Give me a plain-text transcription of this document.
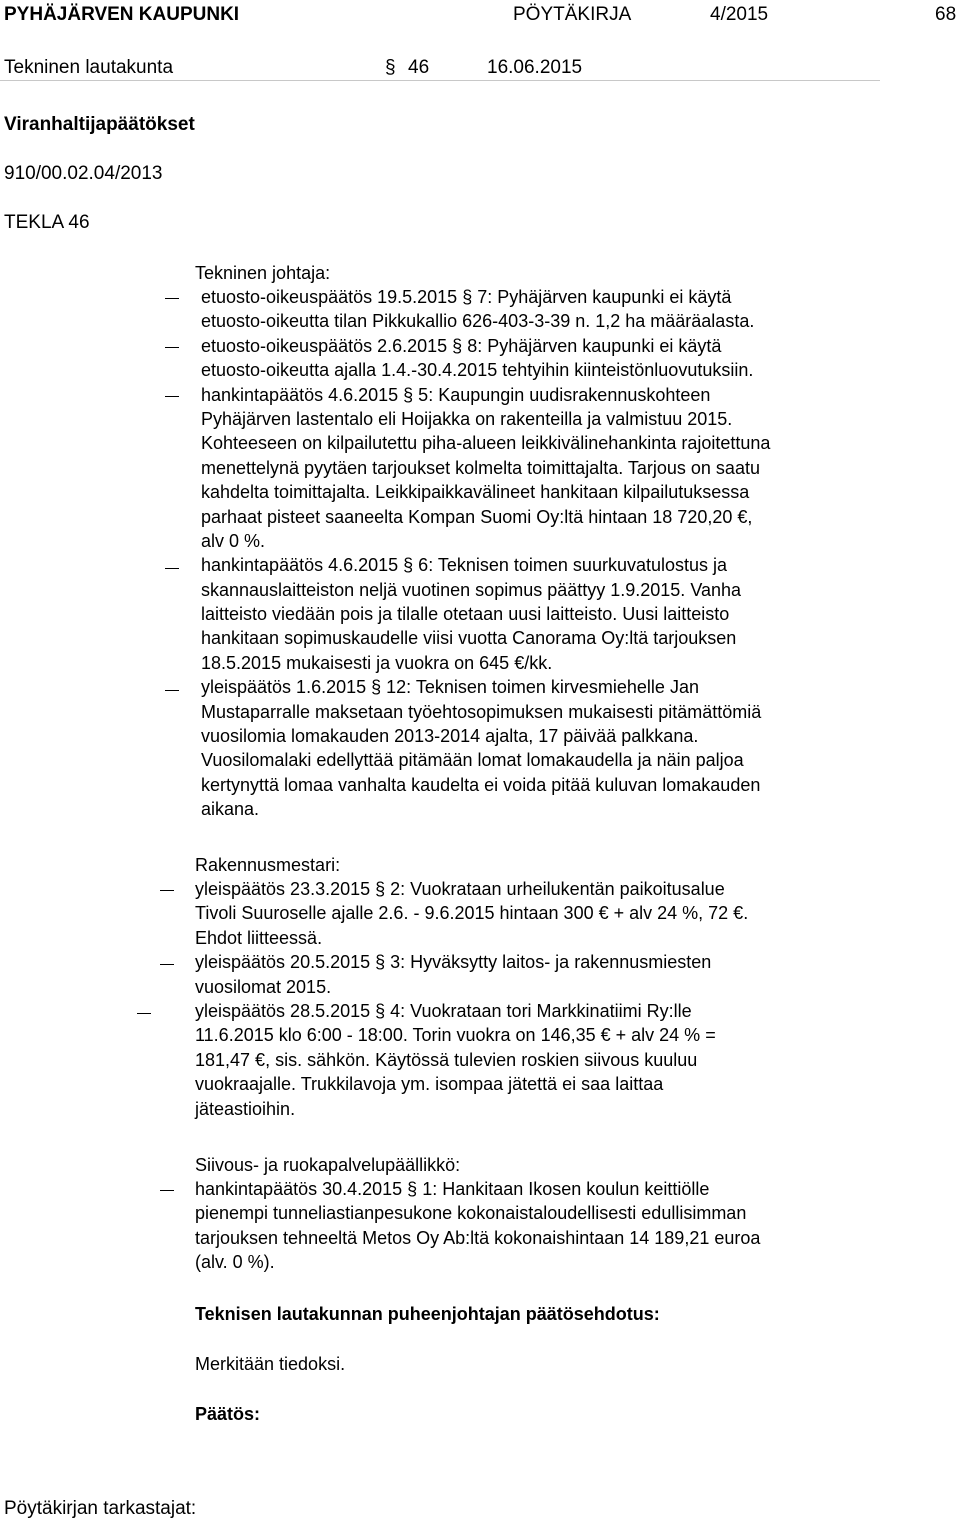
PYHÄJÄRVEN KAUPUNKI	PÖYTÄKIRJA	4/2015	68
Tekninen lautakunta	§ 46	16.06.2015
Viranhaltijapäätökset
910/00.02.04/2013
TEKLA 46
Tekninen johtaja:
etuosto-oikeuspäätös 19.5.2015 § 7: Pyhäjärven kaupunki ei käytä
etuosto-oikeutta tilan Pikkukallio 626-403-3-39 n. 1,2 ha määräalasta.
etuosto-oikeuspäätös 2.6.2015 § 8: Pyhäjärven kaupunki ei käytä
etuosto-oikeutta ajalla 1.4.-30.4.2015 tehtyihin kiinteistönluovutuksiin.
hankintapäätös 4.6.2015 § 5: Kaupungin uudisrakennuskohteen
Pyhäjärven lastentalo eli Hoijakka on rakenteilla ja valmistuu 2015.
Kohteeseen on kilpailutettu piha-alueen leikkivälinehankinta rajoitettuna
menettelynä pyytäen tarjoukset kolmelta toimittajalta. Tarjous on saatu
kahdelta toimittajalta. Leikkipaikkavälineet hankitaan kilpailutuksessa
parhaat pisteet saaneelta Kompan Suomi Oy:ltä hintaan 18 720,20 €,
alv 0 %.
hankintapäätös 4.6.2015 § 6: Teknisen toimen suurkuvatulostus ja
skannauslaitteiston neljä vuotinen sopimus päättyy 1.9.2015. Vanha
laitteisto viedään pois ja tilalle otetaan uusi laitteisto. Uusi laitteisto
hankitaan sopimuskaudelle viisi vuotta Canorama Oy:ltä tarjouksen
18.5.2015 mukaisesti ja vuokra on 645 €/kk.
yleispäätös 1.6.2015 § 12: Teknisen toimen kirvesmiehelle Jan
Mustaparralle maksetaan työehtosopimuksen mukaisesti pitämättömiä
vuosilomia lomakauden 2013-2014 ajalta, 17 päivää palkkana.
Vuosilomalaki edellyttää pitämään lomat lomakaudella ja näin paljoa
kertynyttä lomaa vanhalta kaudelta ei voida pitää kuluvan lomakauden
aikana.
Rakennusmestari:
yleispäätös 23.3.2015 § 2: Vuokrataan urheilukentän paikoitusalue
Tivoli Suuroselle ajalle 2.6. - 9.6.2015 hintaan 300 € + alv 24 %, 72 €.
Ehdot liitteessä.
yleispäätös 20.5.2015 § 3: Hyväksytty laitos- ja rakennusmiesten
vuosilomat 2015.
yleispäätös 28.5.2015 § 4: Vuokrataan tori Markkinatiimi Ry:lle
11.6.2015 klo 6:00 - 18:00. Torin vuokra on 146,35 € + alv 24 % =
181,47 €, sis. sähkön. Käytössä tulevien roskien siivous kuuluu
vuokraajalle. Trukkilavoja ym. isompaa jätettä ei saa laittaa
jäteastioihin.
Siivous- ja ruokapalvelupäällikkö:
hankintapäätös 30.4.2015 § 1: Hankitaan Ikosen koulun keittiölle
pienempi tunneliastianpesukone kokonaistaloudellisesti edullisimman
tarjouksen tehneeltä Metos Oy Ab:ltä kokonaishintaan 14 189,21 euroa
(alv. 0 %).
Teknisen lautakunnan puheenjohtajan päätösehdotus:
Merkitään tiedoksi.
Päätös:
Pöytäkirjan tarkastajat:
